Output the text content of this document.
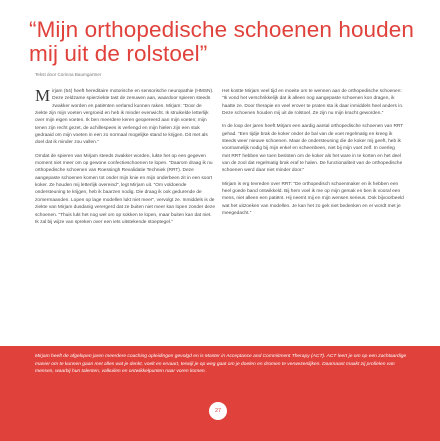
“Mijn orthopedische schoenen houden mij uit de rolstoel”
Tekst door Corinna Baumgartner

Mirjam (54) heeft hereditaire motorische en sensorische neuropathie (HMSN). Deze zeldzame spierziekte tast de zenuwen aan, waardoor spieren steeds zwakker worden en patiënten verlamd kunnen raken. Mirjam: “Door de ziekte zijn mijn voeten vergroeid en heb ik minder evenwicht. Ik struikelde letterlijk over mijn eigen voeten. Ik ben meerdere keren geopereerd aan mijn voeten; mijn tenen zijn recht gezet, de achillespees is verlengd en mijn hielen zijn een stuk gedraaid om mijn voeten in een zo normaal mogelijke stand te krijgen. Dit met als doel dat ik minder zou vallen.”

Omdat de spieren van Mirjam steeds zwakker worden, lukte het op een gegeven moment niet meer om op gewone confectieschoenen te lopen. “Daarom draag ik nu orthopedische schoenen van Roessingh Revalidatie Techniek (RRT). Deze aangepaste schoenen komen tot onder mijn knie en mijn onderbeen zit in een soort koker. Ze houden mij letterlijk overeind”, legt Mirjam uit. “Om voldoende ondersteuning te krijgen, heb ik baarzen nodig. Die draag ik ook gedurende de zomermaanden. Lopen op lage modellen lukt niet meer”, vervolgt ze. Inmiddels is de ziekte van Mirjam dusdanig verergerd dat ze buiten niet meer kan lopen zonder deze schoenen. “Thuis lukt het nog wel om op sokken te lopen, maar buiten kan dat niet. Ik zal bij wijze van spreken over een iets uitstekende stoeptegel.”

Het kostte Mirjam veel tijd en moeite om te wennen aan de orthopedische schoenen: “Ik vond het verschrikkelijk dat ik alleen nog aangepaste schoenen kon dragen, ik haatte ze. Door therapie en veel erover te praten sta ik daar inmiddels heel anders in. Deze schoenen houden mij uit de rolstoel. Ze zijn nu mijn kracht geworden.”

In de loop der jaren heeft Mirjam een aardig aantal orthopedische schoenen van RRT gehad. “Een tijdje brak de koker onder de bal van de voet regelmatig en kreeg ik steeds weer nieuwe schoenen. Maar de ondersteuning die de koker mij geeft, heb ik voornamelijk nodig bij mijn enkel en scheenbeen, niet bij mijn voet zelf. In overleg met RRT hebben we toen besloten om de koker als het ware in te korten en het deel van de zool dat regelmatig brak eraf te halen. De functionaliteit van de orthopedische schoenen werd daar niet minder door.”

Mirjam is erg tevreden over RRT: “De orthopedisch schoenmaker en ik hebben een heel goede band ontwikkeld. Bij hem voel ik me op mijn gemak en ben ik vooral een mens, niet alleen een patiënt. Hij neemt mij en mijn wensen serieus. Ook bijvoorbeeld wat het uitzoeken van modellen. Je kan het zo gek niet bedenken en er wordt met je meegedacht.”

Mirjam heeft de afgelopen jaren meerdere coaching opleidingen gevolgd en is Master in Acceptance and Commitment Therapy (ACT). ACT leert je om op een zachtaardige manier om te kunnen gaan met alles wat je denkt, voelt en ervaart, terwijl je op weg gaat om je doelen en dromen te verwezenlijken. Daarnaast maakt zij profielen van mensen, waarbij hun talenten, valkuilen en ontwikkelpunten naar voren komen.
27
